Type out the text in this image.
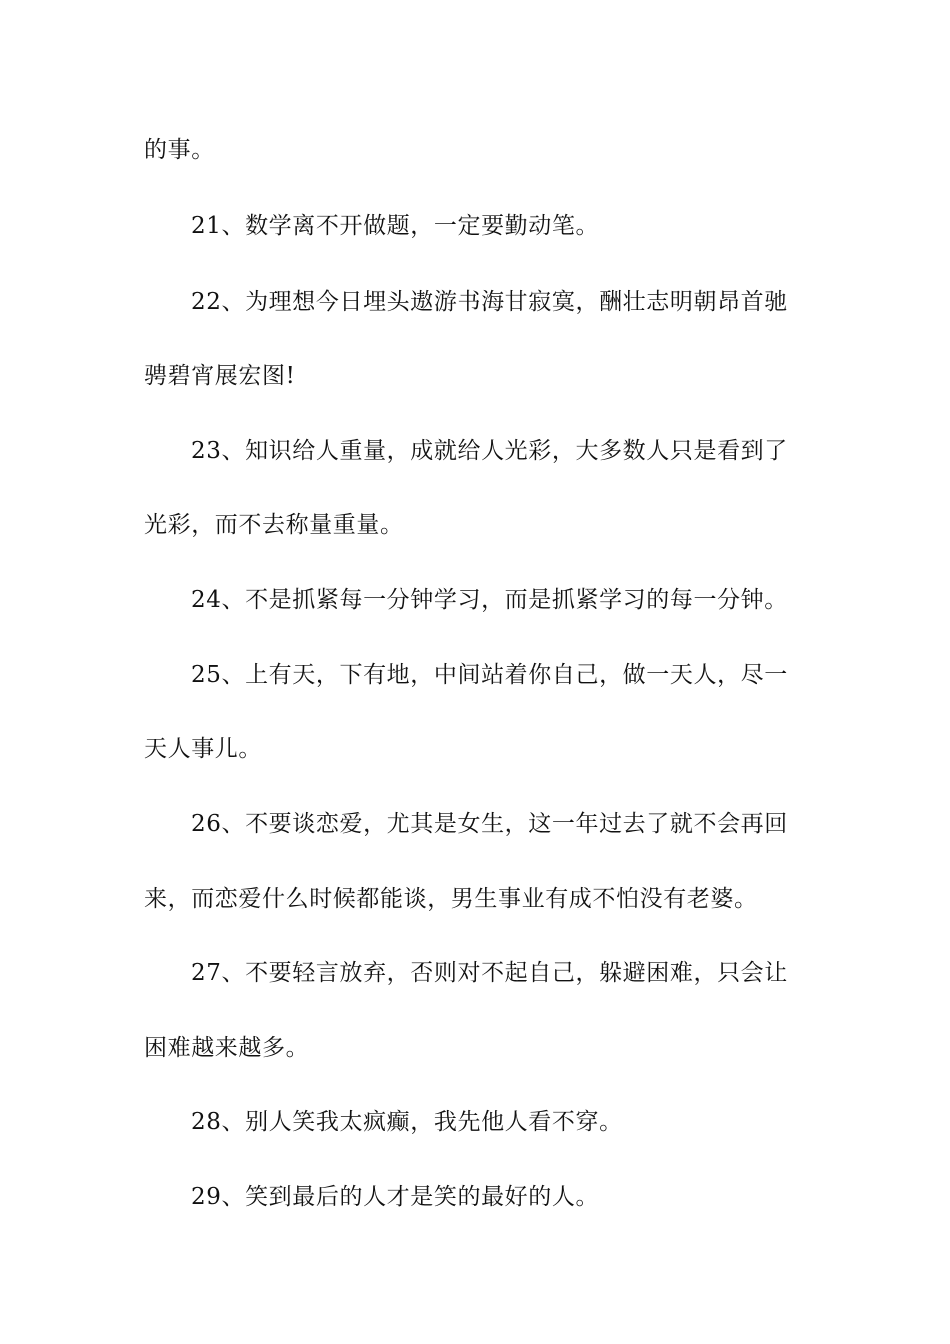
的事。
21、数学离不开做题，一定要勤动笔。
22、为理想今日埋头遨游书海甘寂寞，酬壮志明朝昂首驰
骋碧宵展宏图!
23、知识给人重量，成就给人光彩，大多数人只是看到了
光彩，而不去称量重量。
24、不是抓紧每一分钟学习，而是抓紧学习的每一分钟。
25、上有天，下有地，中间站着你自己，做一天人，尽一
天人事儿。
26、不要谈恋爱，尤其是女生，这一年过去了就不会再回
来，而恋爱什么时候都能谈，男生事业有成不怕没有老婆。
27、不要轻言放弃，否则对不起自己，躲避困难，只会让
困难越来越多。
28、别人笑我太疯癫，我先他人看不穿。
29、笑到最后的人才是笑的最好的人。
